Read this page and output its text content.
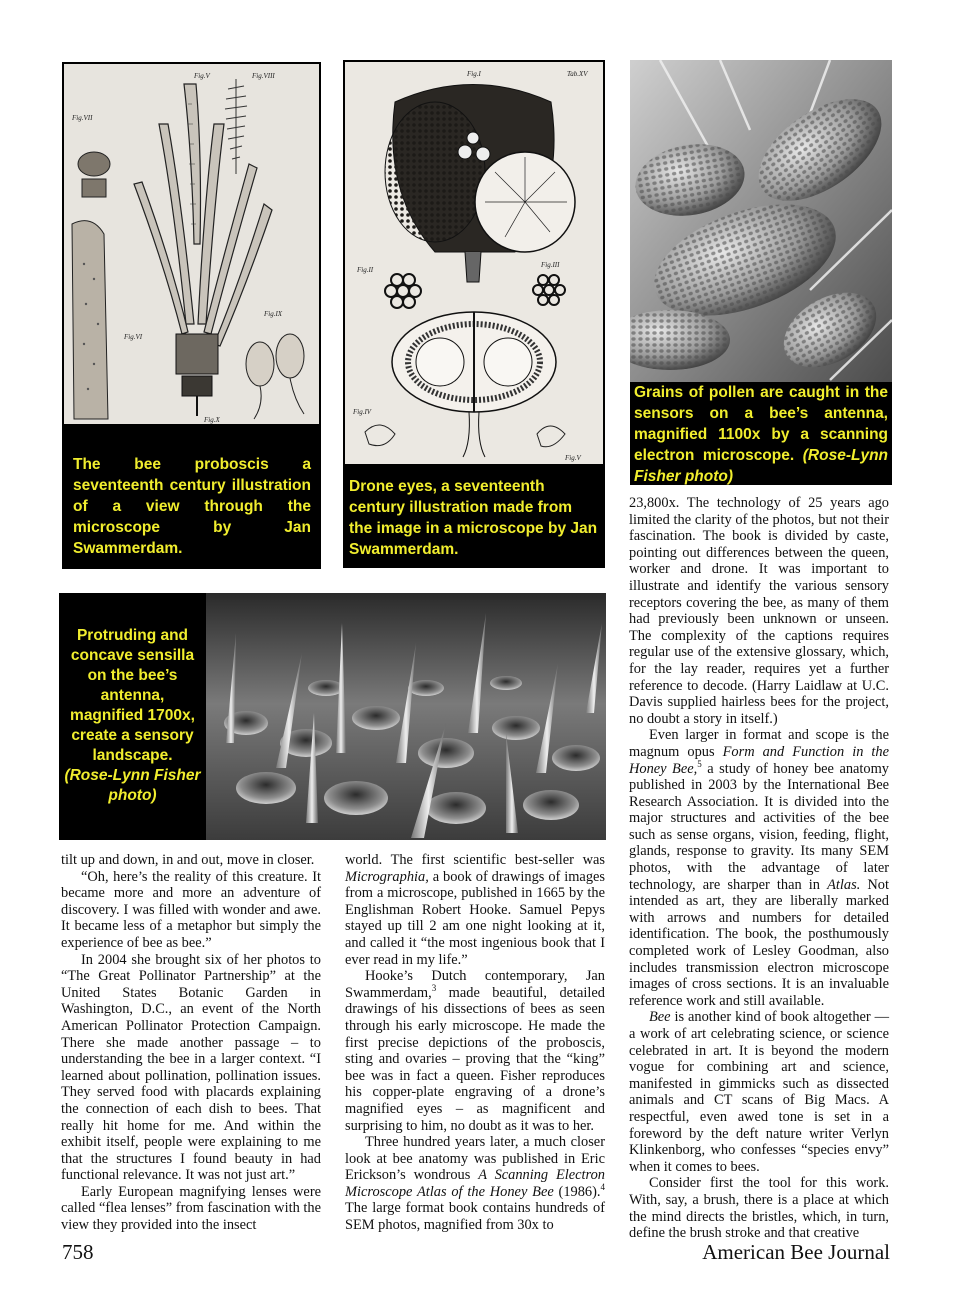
Fig.V	Fig.VIII
Fig.VII
Fig.VI
Fig.IX
Fig.X
The bee proboscis a seventeenth century illustration of a view through the microscope by Jan Swammerdam.
Fig.I	Tab.XV
Fig.II
Fig.III
Fig.IV
Fig.V
Drone eyes, a seventeenth century illustration made from the image in a microscope by Jan Swammerdam.
Grains of pollen are caught in the sensors on a bee’s antenna, magnified 1100x by a scanning electron microscope. (Rose-Lynn Fisher photo)
Protruding and concave sensilla on the bee’s antenna, magnified 1700x, create a sensory landscape.
(Rose-Lynn Fisher photo)

tilt up and down, in and out, move in closer.

“Oh, here’s the reality of this creature. It became more and more an adventure of discovery. I was filled with wonder and awe. It became less of a metaphor but simply the experience of bee as bee.”

In 2004 she brought six of her photos to “The Great Pollinator Partnership” at the United States Botanic Garden in Washington, D.C., an event of the North American Pollinator Protection Campaign. There she made another passage – to understanding the bee in a larger context. “I learned about pollination, pollination issues. They served food with placards explaining the connection of each dish to bees. That really hit home for me. And within the exhibit itself, people were explaining to me that the structures I found beauty in had functional relevance. It was not just art.”

Early European magnifying lenses were called “flea lenses” from fascination with the view they provided into the insect

world. The first scientific best-seller was Micrographia, a book of drawings of images from a microscope, published in 1665 by the Englishman Robert Hooke. Samuel Pepys stayed up till 2 am one night looking at it, and called it “the most ingenious book that I ever read in my life.”

Hooke’s Dutch contemporary, Jan Swammerdam,$^3$ made beautiful, detailed drawings of his dissections of bees as seen through his early microscope. He made the first precise depictions of the proboscis, sting and ovaries – proving that the “king” bee was in fact a queen. Fisher reproduces his copper-plate engraving of a drone’s magnified eyes – as magnificent and surprising to him, no doubt as it was to her.

Three hundred years later, a much closer look at bee anatomy was published in Eric Erickson’s wondrous A Scanning Electron Microscope Atlas of the Honey Bee (1986).$^4$ The large format book contains hundreds of SEM photos, magnified from 30x to

23,800x. The technology of 25 years ago limited the clarity of the photos, but not their fascination. The book is divided by caste, pointing out differences between the queen, worker and drone. It was important to illustrate and identify the various sensory receptors covering the bee, as many of them had previously been unknown or unseen. The complexity of the captions requires regular use of the extensive glossary, which, for the lay reader, requires yet a further reference to decode. (Harry Laidlaw at U.C. Davis supplied hairless bees for the project, no doubt a story in itself.)

Even larger in format and scope is the magnum opus Form and Function in the Honey Bee,$^5$ a study of honey bee anatomy published in 2003 by the International Bee Research Association. It is divided into the major structures and activities of the bee such as sense organs, vision, feeding, flight, glands, response to gravity. Its many SEM photos, with the advantage of later technology, are sharper than in Atlas. Not intended as art, they are liberally marked with arrows and numbers for detailed identification. The book, the posthumously completed work of Lesley Goodman, also includes transmission electron microscope images of cross sections. It is an invaluable reference work and still available.

Bee is another kind of book altogether — a work of art celebrating science, or science celebrated in art. It is beyond the modern vogue for combining art and science, manifested in gimmicks such as dissected animals and CT scans of Big Macs. A respectful, even awed tone is set in a foreword by the deft nature writer Verlyn Klinkenborg, who confesses “species envy” when it comes to bees.

Consider first the tool for this work. With, say, a brush, there is a place at which the mind directs the bristles, which, in turn, define the brush stroke and that creative

758	American Bee Journal
